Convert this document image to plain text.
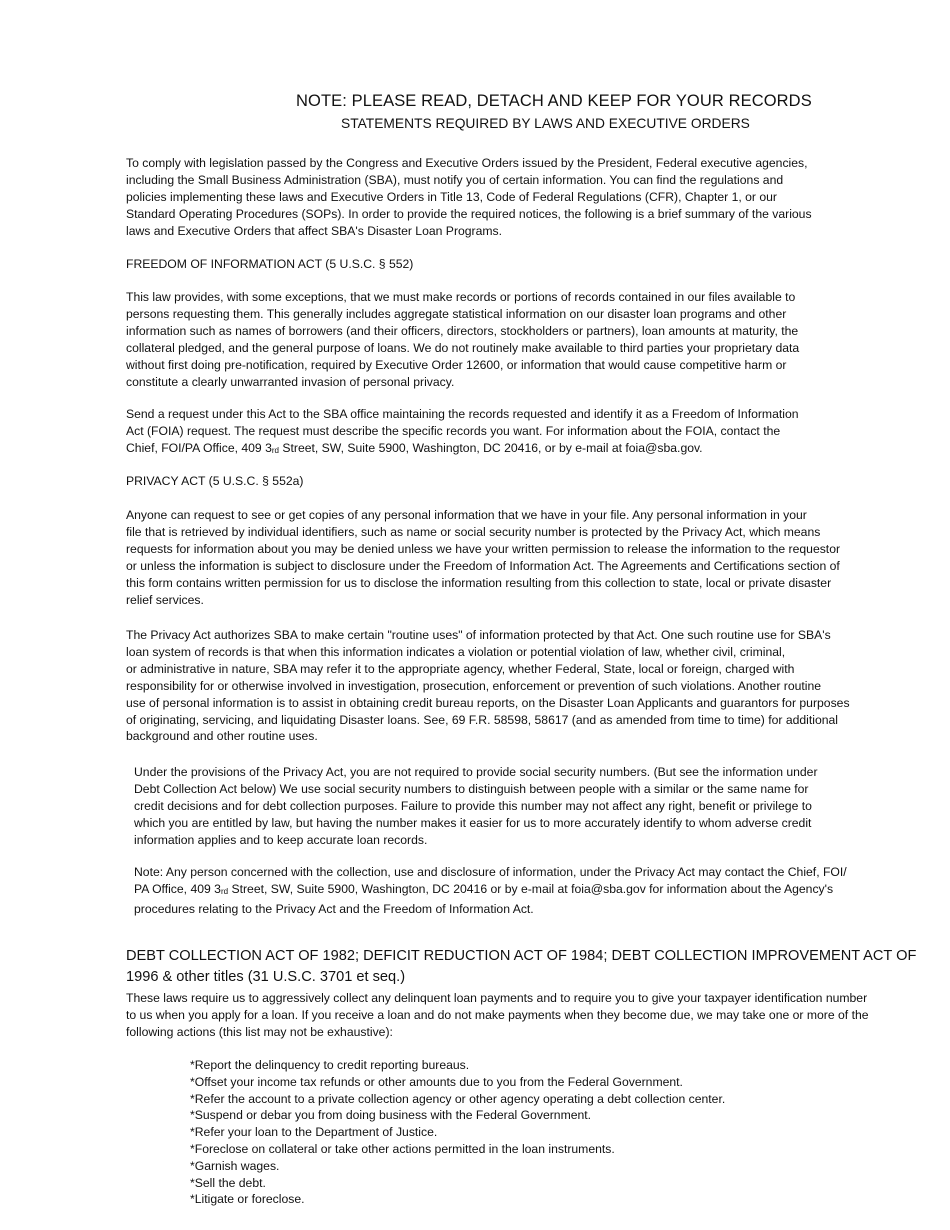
NOTE: PLEASE READ, DETACH AND KEEP FOR YOUR RECORDS
STATEMENTS REQUIRED BY LAWS AND EXECUTIVE ORDERS
To comply with legislation passed by the Congress and Executive Orders issued by the President, Federal executive agencies,
including the Small Business Administration (SBA), must notify you of certain information. You can find the regulations and
policies implementing these laws and Executive Orders in Title 13, Code of Federal Regulations (CFR), Chapter 1, or our
Standard Operating Procedures (SOPs). In order to provide the required notices, the following is a brief summary of the various
laws and Executive Orders that affect SBA's Disaster Loan Programs.
FREEDOM OF INFORMATION ACT (5 U.S.C. § 552)
This law provides, with some exceptions, that we must make records or portions of records contained in our files available to
persons requesting them. This generally includes aggregate statistical information on our disaster loan programs and other
information such as names of borrowers (and their officers, directors, stockholders or partners), loan amounts at maturity, the
collateral pledged, and the general purpose of loans. We do not routinely make available to third parties your proprietary data
without first doing pre-notification, required by Executive Order 12600, or information that would cause competitive harm or
constitute a clearly unwarranted invasion of personal privacy.
Send a request under this Act to the SBA office maintaining the records requested and identify it as a Freedom of Information
Act (FOIA) request. The request must describe the specific records you want. For information about the FOIA, contact the
Chief, FOI/PA Office, 409 $3_{rd}$ Street, SW, Suite 5900, Washington, DC 20416, or by e-mail at foia@sba.gov.
PRIVACY ACT (5 U.S.C. § 552a)
Anyone can request to see or get copies of any personal information that we have in your file. Any personal information in your
file that is retrieved by individual identifiers, such as name or social security number is protected by the Privacy Act, which means
requests for information about you may be denied unless we have your written permission to release the information to the requestor
or unless the information is subject to disclosure under the Freedom of Information Act. The Agreements and Certifications section of
this form contains written permission for us to disclose the information resulting from this collection to state, local or private disaster
relief services.
The Privacy Act authorizes SBA to make certain "routine uses" of information protected by that Act. One such routine use for SBA's
loan system of records is that when this information indicates a violation or potential violation of law, whether civil, criminal,
or administrative in nature, SBA may refer it to the appropriate agency, whether Federal, State, local or foreign, charged with
responsibility for or otherwise involved in investigation, prosecution, enforcement or prevention of such violations. Another routine
use of personal information is to assist in obtaining credit bureau reports, on the Disaster Loan Applicants and guarantors for purposes
of originating, servicing, and liquidating Disaster loans. See, 69 F.R. 58598, 58617 (and as amended from time to time) for additional
background and other routine uses.
Under the provisions of the Privacy Act, you are not required to provide social security numbers. (But see the information under
Debt Collection Act below) We use social security numbers to distinguish between people with a similar or the same name for
credit decisions and for debt collection purposes. Failure to provide this number may not affect any right, benefit or privilege to
which you are entitled by law, but having the number makes it easier for us to more accurately identify to whom adverse credit
information applies and to keep accurate loan records.
Note: Any person concerned with the collection, use and disclosure of information, under the Privacy Act may contact the Chief, FOI/
PA Office, 409 $3_{rd}$ Street, SW, Suite 5900, Washington, DC 20416 or by e-mail at foia@sba.gov for information about the Agency's
procedures relating to the Privacy Act and the Freedom of Information Act.
DEBT COLLECTION ACT OF 1982; DEFICIT REDUCTION ACT OF 1984; DEBT COLLECTION IMPROVEMENT ACT OF
1996 & other titles (31 U.S.C. 3701 et seq.)
These laws require us to aggressively collect any delinquent loan payments and to require you to give your taxpayer identification number
to us when you apply for a loan. If you receive a loan and do not make payments when they become due, we may take one or more of the
following actions (this list may not be exhaustive):
*Report the delinquency to credit reporting bureaus.
*Offset your income tax refunds or other amounts due to you from the Federal Government.
*Refer the account to a private collection agency or other agency operating a debt collection center.
*Suspend or debar you from doing business with the Federal Government.
*Refer your loan to the Department of Justice.
*Foreclose on collateral or take other actions permitted in the loan instruments.
*Garnish wages.
*Sell the debt.
*Litigate or foreclose.
